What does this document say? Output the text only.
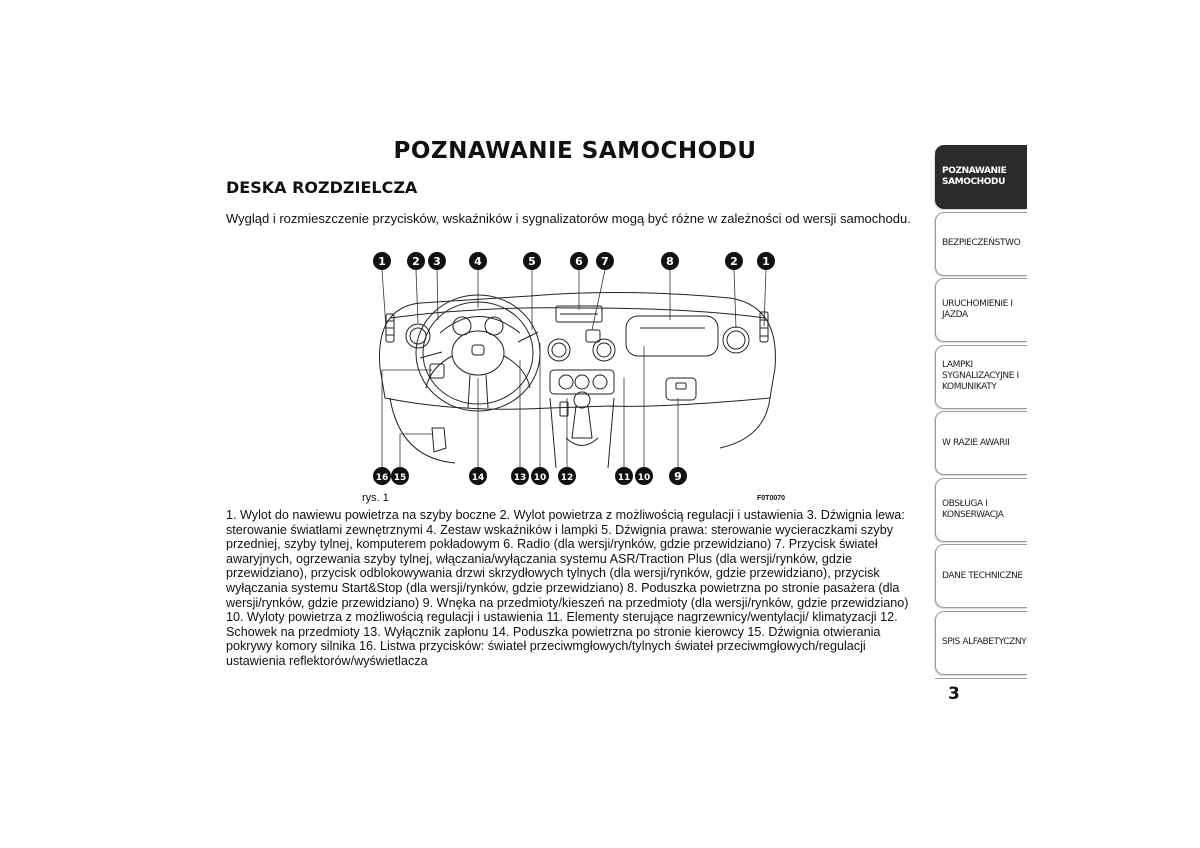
POZNAWANIE SAMOCHODU
DESKA ROZDZIELCZA
Wygląd i rozmieszczenie przycisków, wskaźników i sygnalizatorów mogą być różne w zależności od wersji samochodu.
1 2 3	4	5	6 7	8	2 1
16 15	14	13 10 12	11 10 9
rys. 1	F0T0070
1. Wylot do nawiewu powietrza na szyby boczne 2. Wylot powietrza z możliwością regulacji i ustawienia 3. Dźwignia lewa: sterowanie światłami zewnętrznymi 4. Zestaw wskaźników i lampki 5. Dźwignia prawa: sterowanie wycieraczkami szyby przedniej, szyby tylnej, komputerem pokładowym 6. Radio (dla wersji/rynków, gdzie przewidziano) 7. Przycisk świateł awaryjnych, ogrzewania szyby tylnej, włączania/wyłączania systemu ASR/Traction Plus (dla wersji/rynków, gdzie przewidziano), przycisk odblokowywania drzwi skrzydłowych tylnych (dla wersji/rynków, gdzie przewidziano), przycisk wyłączania systemu Start&Stop (dla wersji/rynków, gdzie przewidziano) 8. Poduszka powietrzna po stronie pasażera (dla wersji/rynków, gdzie przewidziano) 9. Wnęka na przedmioty/kieszeń na przedmioty (dla wersji/rynków, gdzie przewidziano) 10. Wyloty powietrza z możliwością regulacji i ustawienia 11. Elementy sterujące nagrzewnicy/wentylacji/ klimatyzacji 12. Schowek na przedmioty 13. Wyłącznik zapłonu 14. Poduszka powietrzna po stronie kierowcy 15. Dźwignia otwierania pokrywy komory silnika 16. Listwa przycisków: świateł przeciwmgłowych/tylnych świateł przeciwmgłowych/regulacji ustawienia reflektorów/wyświetlacza
POZNAWANIE SAMOCHODU
BEZPIECZEŃSTWO
URUCHOMIENIE I JAZDA
LAMPKI SYGNALIZACYJNE I KOMUNIKATY
W RAZIE AWARII
OBSŁUGA I KONSERWACJA
DANE TECHNICZNE
SPIS ALFABETYCZNY
3
